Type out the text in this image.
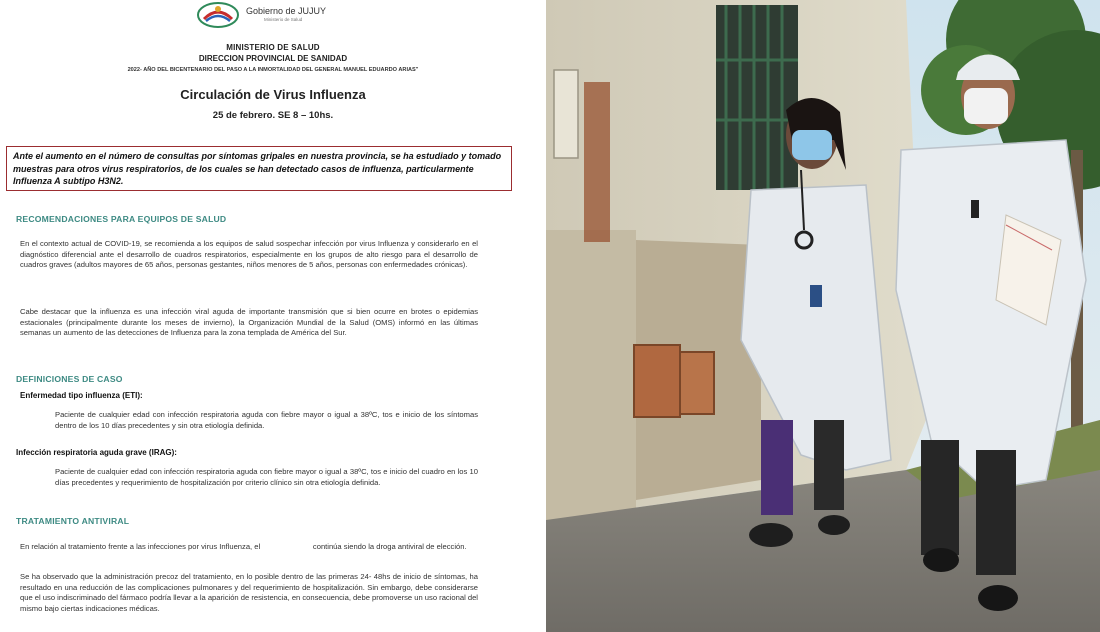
Gobierno de JUJUY
Ministerio de Salud
MINISTERIO DE SALUD
DIRECCION PROVINCIAL DE SANIDAD
2022- AÑO DEL BICENTENARIO DEL PASO A LA INMORTALIDAD DEL GENERAL MANUEL EDUARDO ARIAS"
Circulación de Virus Influenza
25 de febrero. SE 8 – 10hs.
Ante el aumento en el número de consultas por síntomas gripales en nuestra provincia, se ha estudiado y tomado muestras para otros virus respiratorios, de los cuales se han detectado casos de influenza, particularmente Influenza A subtipo H3N2.
RECOMENDACIONES PARA EQUIPOS DE SALUD
En el contexto actual de COVID-19, se recomienda a los equipos de salud sospechar infección por virus Influenza y considerarlo en el diagnóstico diferencial ante el desarrollo de cuadros respiratorios, especialmente en los grupos de alto riesgo para el desarrollo de cuadros graves (adultos mayores de 65 años, personas gestantes, niños menores de 5 años, personas con enfermedades crónicas).
Cabe destacar que la influenza es una infección viral aguda de importante transmisión que si bien ocurre en brotes o epidemias estacionales (principalmente durante los meses de invierno), la Organización Mundial de la Salud (OMS) informó en las últimas semanas un aumento de las detecciones de Influenza para la zona templada de América del Sur.
DEFINICIONES DE CASO
Enfermedad tipo influenza (ETI):
Paciente de cualquier edad con infección respiratoria aguda con fiebre mayor o igual a 38ºC, tos e inicio de los síntomas dentro de los 10 días precedentes y sin otra etiología definida.
Infección respiratoria aguda grave (IRAG):
Paciente de cualquier edad con infección respiratoria aguda con fiebre mayor o igual a 38ºC, tos e inicio del cuadro en los 10 días precedentes y requerimiento de hospitalización por criterio clínico sin otra etiología definida.
TRATAMIENTO ANTIVIRAL
En relación al tratamiento frente a las infecciones por virus Influenza, el                         continúa siendo la droga antiviral de elección.
Se ha observado que la administración precoz del tratamiento, en lo posible dentro de las primeras 24- 48hs de inicio de síntomas, ha resultado en una reducción de las complicaciones pulmonares y del requerimiento de hospitalización. Sin embargo, debe considerarse que el uso indiscriminado del fármaco podría llevar a la aparición de resistencia, en consecuencia, debe promoverse un uso racional del mismo bajo ciertas indicaciones médicas.
